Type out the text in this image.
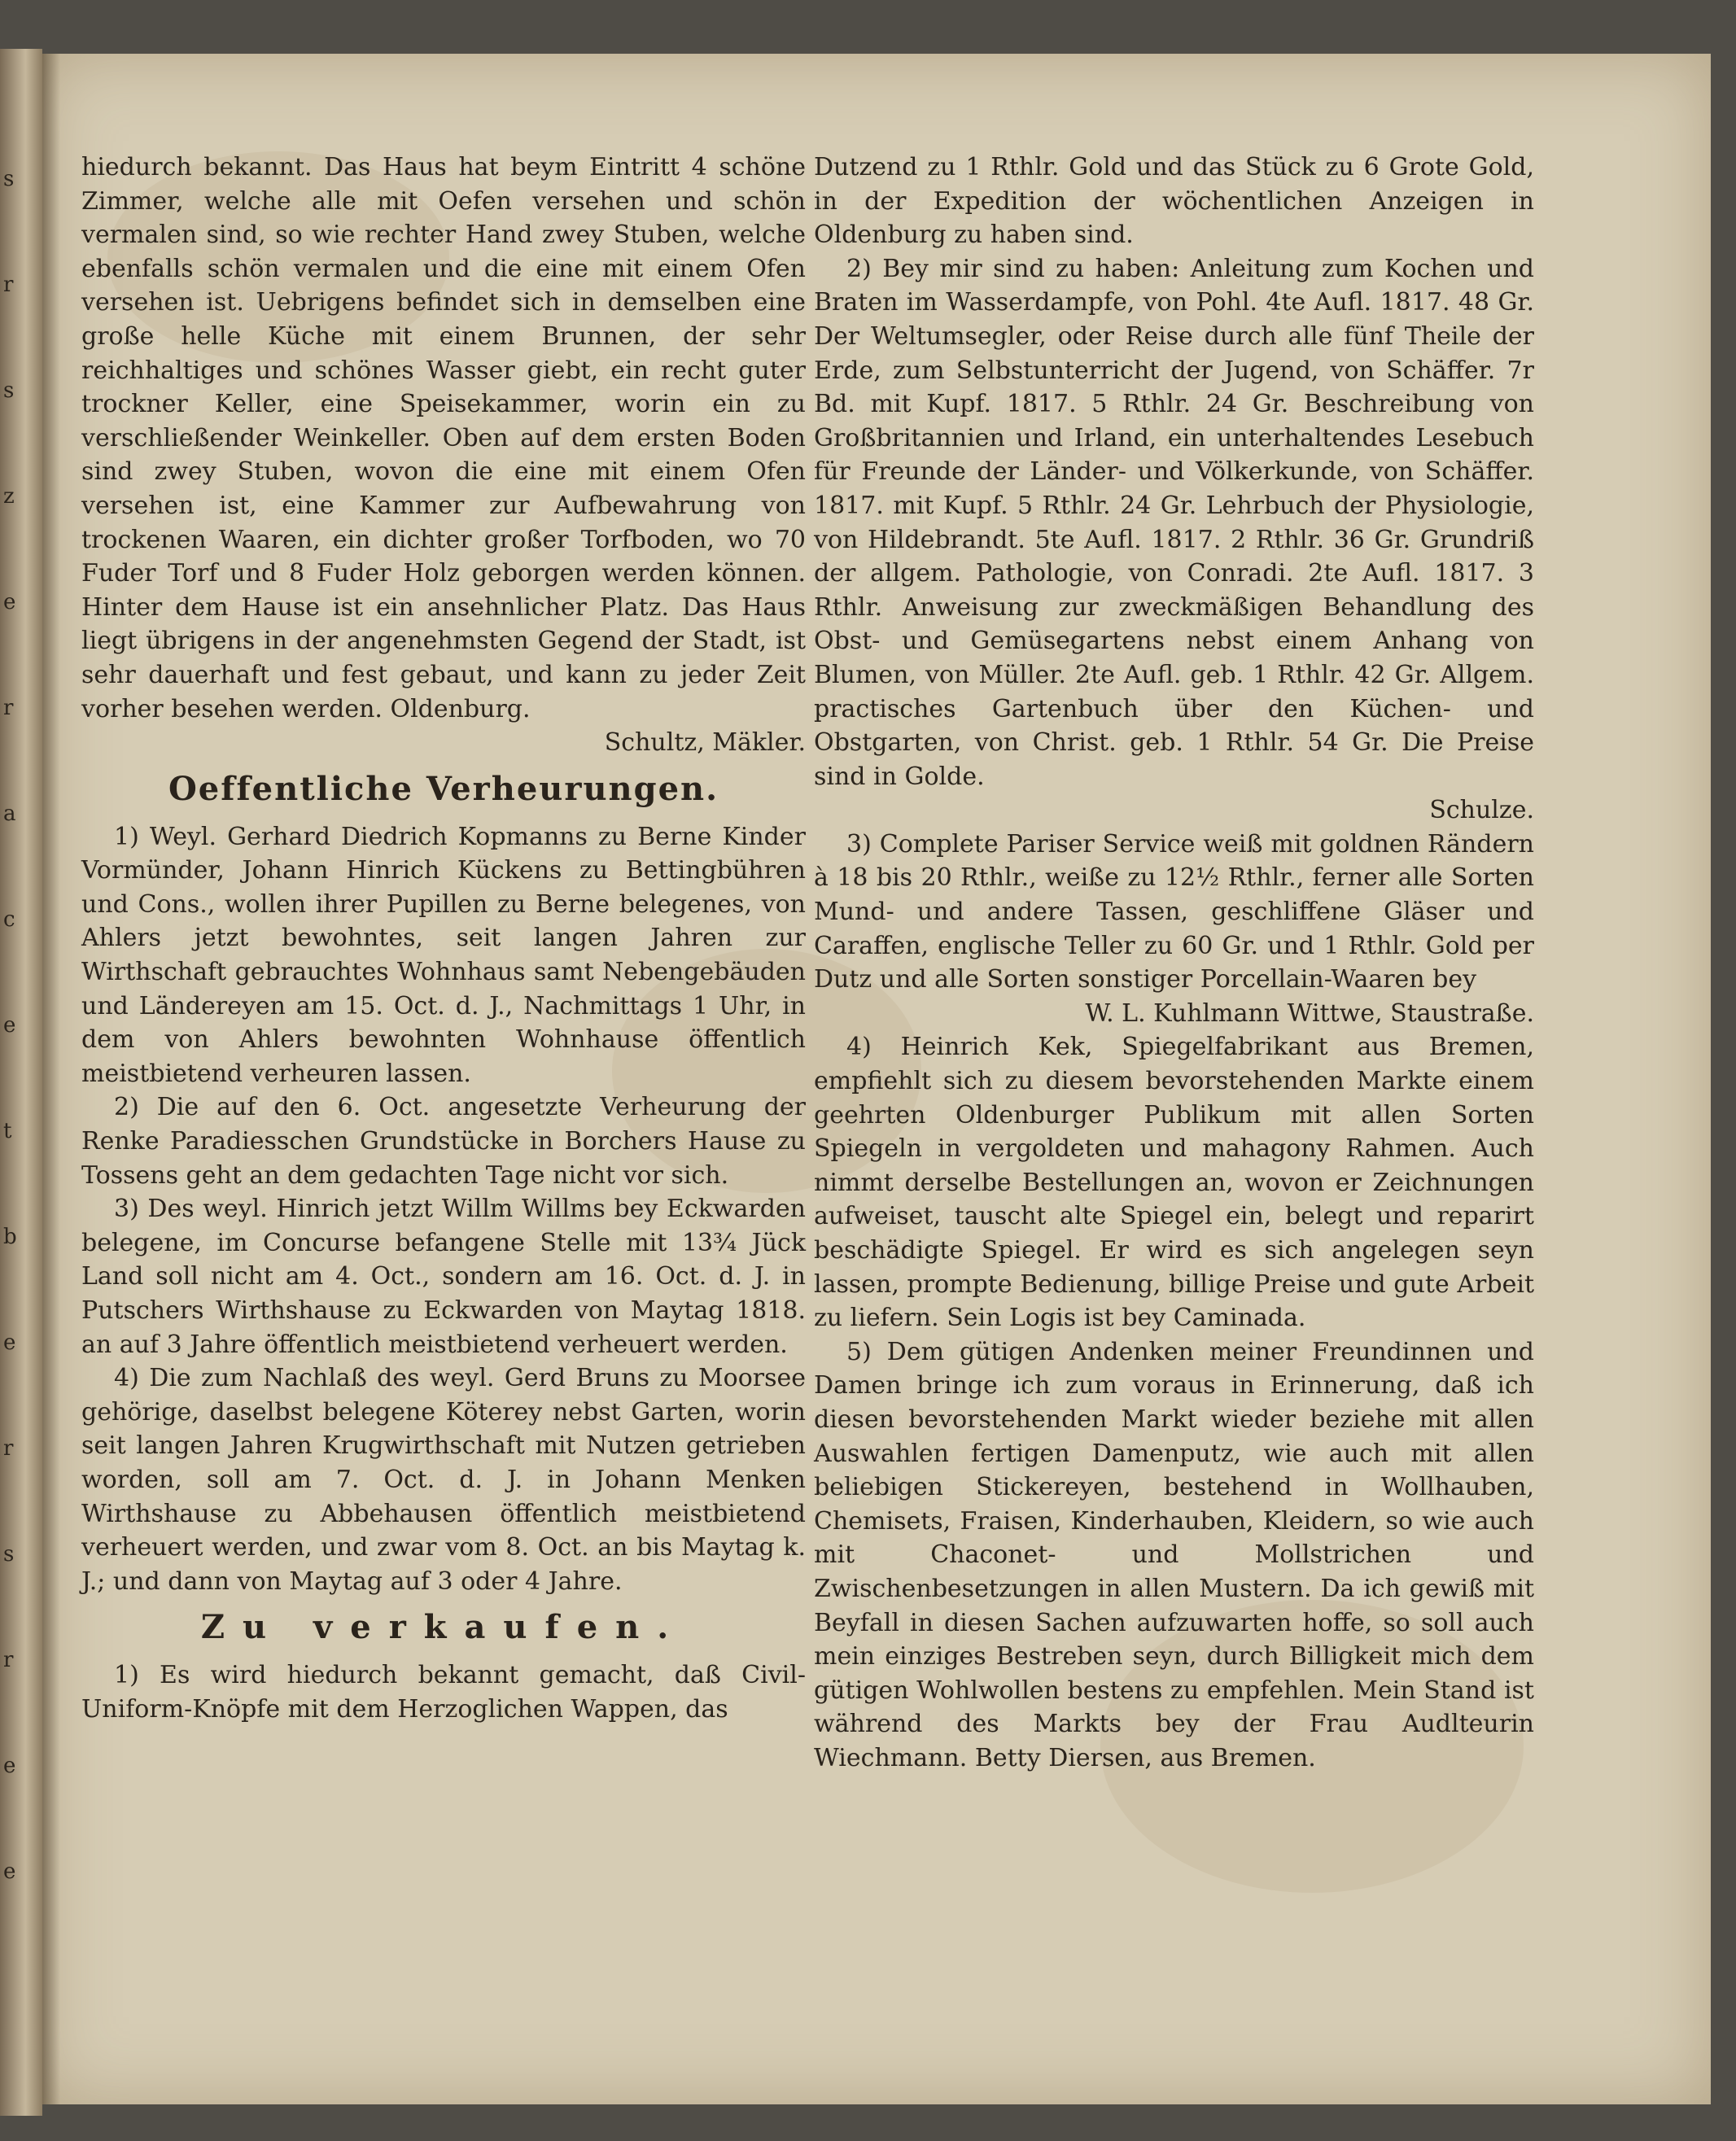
s
r
s
z
e
r
a
c
e
t
b
e
r
s
r
e
e

hiedurch bekannt. Das Haus hat beym Eintritt 4 schöne Zimmer, welche alle mit Oefen versehen und schön vermalen sind, so wie rechter Hand zwey Stuben, welche ebenfalls schön vermalen und die eine mit einem Ofen versehen ist. Uebrigens befindet sich in demselben eine große helle Küche mit einem Brunnen, der sehr reichhaltiges und schönes Wasser giebt, ein recht guter trockner Keller, eine Speisekammer, worin ein zu verschließender Weinkeller. Oben auf dem ersten Boden sind zwey Stuben, wovon die eine mit einem Ofen versehen ist, eine Kammer zur Aufbewahrung von trockenen Waaren, ein dichter großer Torfboden, wo 70 Fuder Torf und 8 Fuder Holz geborgen werden können. Hinter dem Hause ist ein ansehnlicher Platz. Das Haus liegt übrigens in der angenehmsten Gegend der Stadt, ist sehr dauerhaft und fest gebaut, und kann zu jeder Zeit vorher besehen werden. Oldenburg.

Schultz, Mäkler.

Oeffentliche Verheurungen.

1) Weyl. Gerhard Diedrich Kopmanns zu Berne Kinder Vormünder, Johann Hinrich Kückens zu Bettingbühren und Cons., wollen ihrer Pupillen zu Berne belegenes, von Ahlers jetzt bewohntes, seit langen Jahren zur Wirthschaft gebrauchtes Wohnhaus samt Nebengebäuden und Ländereyen am 15. Oct. d. J., Nachmittags 1 Uhr, in dem von Ahlers bewohnten Wohnhause öffentlich meistbietend verheuren lassen.

2) Die auf den 6. Oct. angesetzte Verheurung der Renke Paradiesschen Grundstücke in Borchers Hause zu Tossens geht an dem gedachten Tage nicht vor sich.

3) Des weyl. Hinrich jetzt Willm Willms bey Eckwarden belegene, im Concurse befangene Stelle mit 13¾ Jück Land soll nicht am 4. Oct., sondern am 16. Oct. d. J. in Putschers Wirthshause zu Eckwarden von Maytag 1818. an auf 3 Jahre öffentlich meistbietend verheuert werden.

4) Die zum Nachlaß des weyl. Gerd Bruns zu Moorsee gehörige, daselbst belegene Köterey nebst Garten, worin seit langen Jahren Krugwirthschaft mit Nutzen getrieben worden, soll am 7. Oct. d. J. in Johann Menken Wirthshause zu Abbehausen öffentlich meistbietend verheuert werden, und zwar vom 8. Oct. an bis Maytag k. J.; und dann von Maytag auf 3 oder 4 Jahre.

Zu verkaufen.

1) Es wird hiedurch bekannt gemacht, daß Civil-Uniform-Knöpfe mit dem Herzoglichen Wappen, das

Dutzend zu 1 Rthlr. Gold und das Stück zu 6 Grote Gold, in der Expedition der wöchentlichen Anzeigen in Oldenburg zu haben sind.

2) Bey mir sind zu haben: Anleitung zum Kochen und Braten im Wasserdampfe, von Pohl. 4te Aufl. 1817. 48 Gr. Der Weltumsegler, oder Reise durch alle fünf Theile der Erde, zum Selbstunterricht der Jugend, von Schäffer. 7r Bd. mit Kupf. 1817. 5 Rthlr. 24 Gr. Beschreibung von Großbritannien und Irland, ein unterhaltendes Lesebuch für Freunde der Länder- und Völkerkunde, von Schäffer. 1817. mit Kupf. 5 Rthlr. 24 Gr. Lehrbuch der Physiologie, von Hildebrandt. 5te Aufl. 1817. 2 Rthlr. 36 Gr. Grundriß der allgem. Pathologie, von Conradi. 2te Aufl. 1817. 3 Rthlr. Anweisung zur zweckmäßigen Behandlung des Obst- und Gemüsegartens nebst einem Anhang von Blumen, von Müller. 2te Aufl. geb. 1 Rthlr. 42 Gr. Allgem. practisches Gartenbuch über den Küchen- und Obstgarten, von Christ. geb. 1 Rthlr. 54 Gr. Die Preise sind in Golde.

Schulze.

3) Complete Pariser Service weiß mit goldnen Rändern à 18 bis 20 Rthlr., weiße zu 12½ Rthlr., ferner alle Sorten Mund- und andere Tassen, geschliffene Gläser und Caraffen, englische Teller zu 60 Gr. und 1 Rthlr. Gold per Dutz und alle Sorten sonstiger Porcellain-Waaren bey

W. L. Kuhlmann Wittwe, Staustraße.

4) Heinrich Kek, Spiegelfabrikant aus Bremen, empfiehlt sich zu diesem bevorstehenden Markte einem geehrten Oldenburger Publikum mit allen Sorten Spiegeln in vergoldeten und mahagony Rahmen. Auch nimmt derselbe Bestellungen an, wovon er Zeichnungen aufweiset, tauscht alte Spiegel ein, belegt und reparirt beschädigte Spiegel. Er wird es sich angelegen seyn lassen, prompte Bedienung, billige Preise und gute Arbeit zu liefern. Sein Logis ist bey Caminada.

5) Dem gütigen Andenken meiner Freundinnen und Damen bringe ich zum voraus in Erinnerung, daß ich diesen bevorstehenden Markt wieder beziehe mit allen Auswahlen fertigen Damenputz, wie auch mit allen beliebigen Stickereyen, bestehend in Wollhauben, Chemisets, Fraisen, Kinderhauben, Kleidern, so wie auch mit Chaconet- und Mollstrichen und Zwischenbesetzungen in allen Mustern. Da ich gewiß mit Beyfall in diesen Sachen aufzuwarten hoffe, so soll auch mein einziges Bestreben seyn, durch Billigkeit mich dem gütigen Wohlwollen bestens zu empfehlen. Mein Stand ist während des Markts bey der Frau Audlteurin Wiechmann. Betty Diersen, aus Bremen.
